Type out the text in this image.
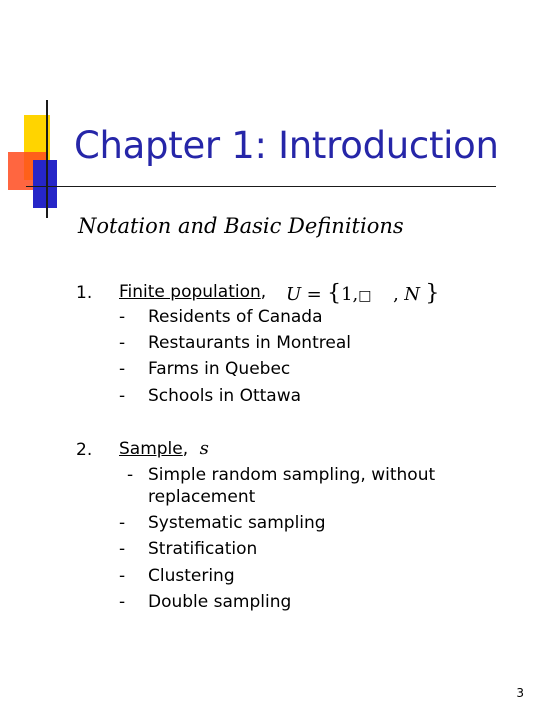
Chapter 1: Introduction
Notation and Basic Definitions
1. Finite population, U = {1,□ , N }
- Residents of Canada
- Restaurants in Montreal
- Farms in Quebec
- Schools in Ottawa
2. Sample, s
- Simple random sampling, without
replacement
- Systematic sampling
- Stratification
- Clustering
- Double sampling
3
